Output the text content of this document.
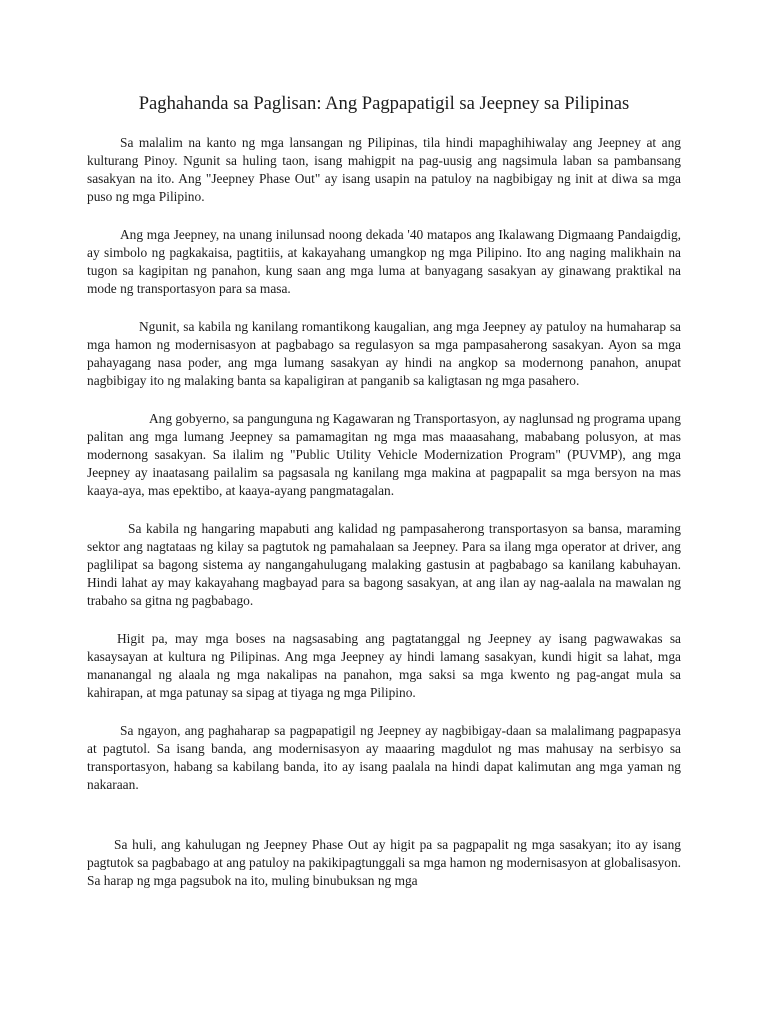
Paghahanda sa Paglisan: Ang Pagpapatigil sa Jeepney sa Pilipinas

Sa malalim na kanto ng mga lansangan ng Pilipinas, tila hindi mapaghihiwalay ang Jeepney at ang kulturang Pinoy. Ngunit sa huling taon, isang mahigpit na pag-uusig ang nagsimula laban sa pambansang sasakyan na ito. Ang "Jeepney Phase Out" ay isang usapin na patuloy na nagbibigay ng init at diwa sa mga puso ng mga Pilipino.

Ang mga Jeepney, na unang inilunsad noong dekada '40 matapos ang Ikalawang Digmaang Pandaigdig, ay simbolo ng pagkakaisa, pagtitiis, at kakayahang umangkop ng mga Pilipino. Ito ang naging malikhain na tugon sa kagipitan ng panahon, kung saan ang mga luma at banyagang sasakyan ay ginawang praktikal na mode ng transportasyon para sa masa.

Ngunit, sa kabila ng kanilang romantikong kaugalian, ang mga Jeepney ay patuloy na humaharap sa mga hamon ng modernisasyon at pagbabago sa regulasyon sa mga pampasaherong sasakyan. Ayon sa mga pahayagang nasa poder, ang mga lumang sasakyan ay hindi na angkop sa modernong panahon, anupat nagbibigay ito ng malaking banta sa kapaligiran at panganib sa kaligtasan ng mga pasahero.

Ang gobyerno, sa pangunguna ng Kagawaran ng Transportasyon, ay naglunsad ng programa upang palitan ang mga lumang Jeepney sa pamamagitan ng mga mas maaasahang, mababang polusyon, at mas modernong sasakyan. Sa ilalim ng "Public Utility Vehicle Modernization Program" (PUVMP), ang mga Jeepney ay inaatasang pailalim sa pagsasala ng kanilang mga makina at pagpapalit sa mga bersyon na mas kaaya-aya, mas epektibo, at kaaya-ayang pangmatagalan.

Sa kabila ng hangaring mapabuti ang kalidad ng pampasaherong transportasyon sa bansa, maraming sektor ang nagtataas ng kilay sa pagtutok ng pamahalaan sa Jeepney. Para sa ilang mga operator at driver, ang paglilipat sa bagong sistema ay nangangahulugang malaking gastusin at pagbabago sa kanilang kabuhayan. Hindi lahat ay may kakayahang magbayad para sa bagong sasakyan, at ang ilan ay nag-aalala na mawalan ng trabaho sa gitna ng pagbabago.

Higit pa, may mga boses na nagsasabing ang pagtatanggal ng Jeepney ay isang pagwawakas sa kasaysayan at kultura ng Pilipinas. Ang mga Jeepney ay hindi lamang sasakyan, kundi higit sa lahat, mga mananangal ng alaala ng mga nakalipas na panahon, mga saksi sa mga kwento ng pag-angat mula sa kahirapan, at mga patunay sa sipag at tiyaga ng mga Pilipino.

Sa ngayon, ang paghaharap sa pagpapatigil ng Jeepney ay nagbibigay-daan sa malalimang pagpapasya at pagtutol. Sa isang banda, ang modernisasyon ay maaaring magdulot ng mas mahusay na serbisyo sa transportasyon, habang sa kabilang banda, ito ay isang paalala na hindi dapat kalimutan ang mga yaman ng nakaraan.

Sa huli, ang kahulugan ng Jeepney Phase Out ay higit pa sa pagpapalit ng mga sasakyan; ito ay isang pagtutok sa pagbabago at ang patuloy na pakikipagtunggali sa mga hamon ng modernisasyon at globalisasyon. Sa harap ng mga pagsubok na ito, muling binubuksan ng mga
